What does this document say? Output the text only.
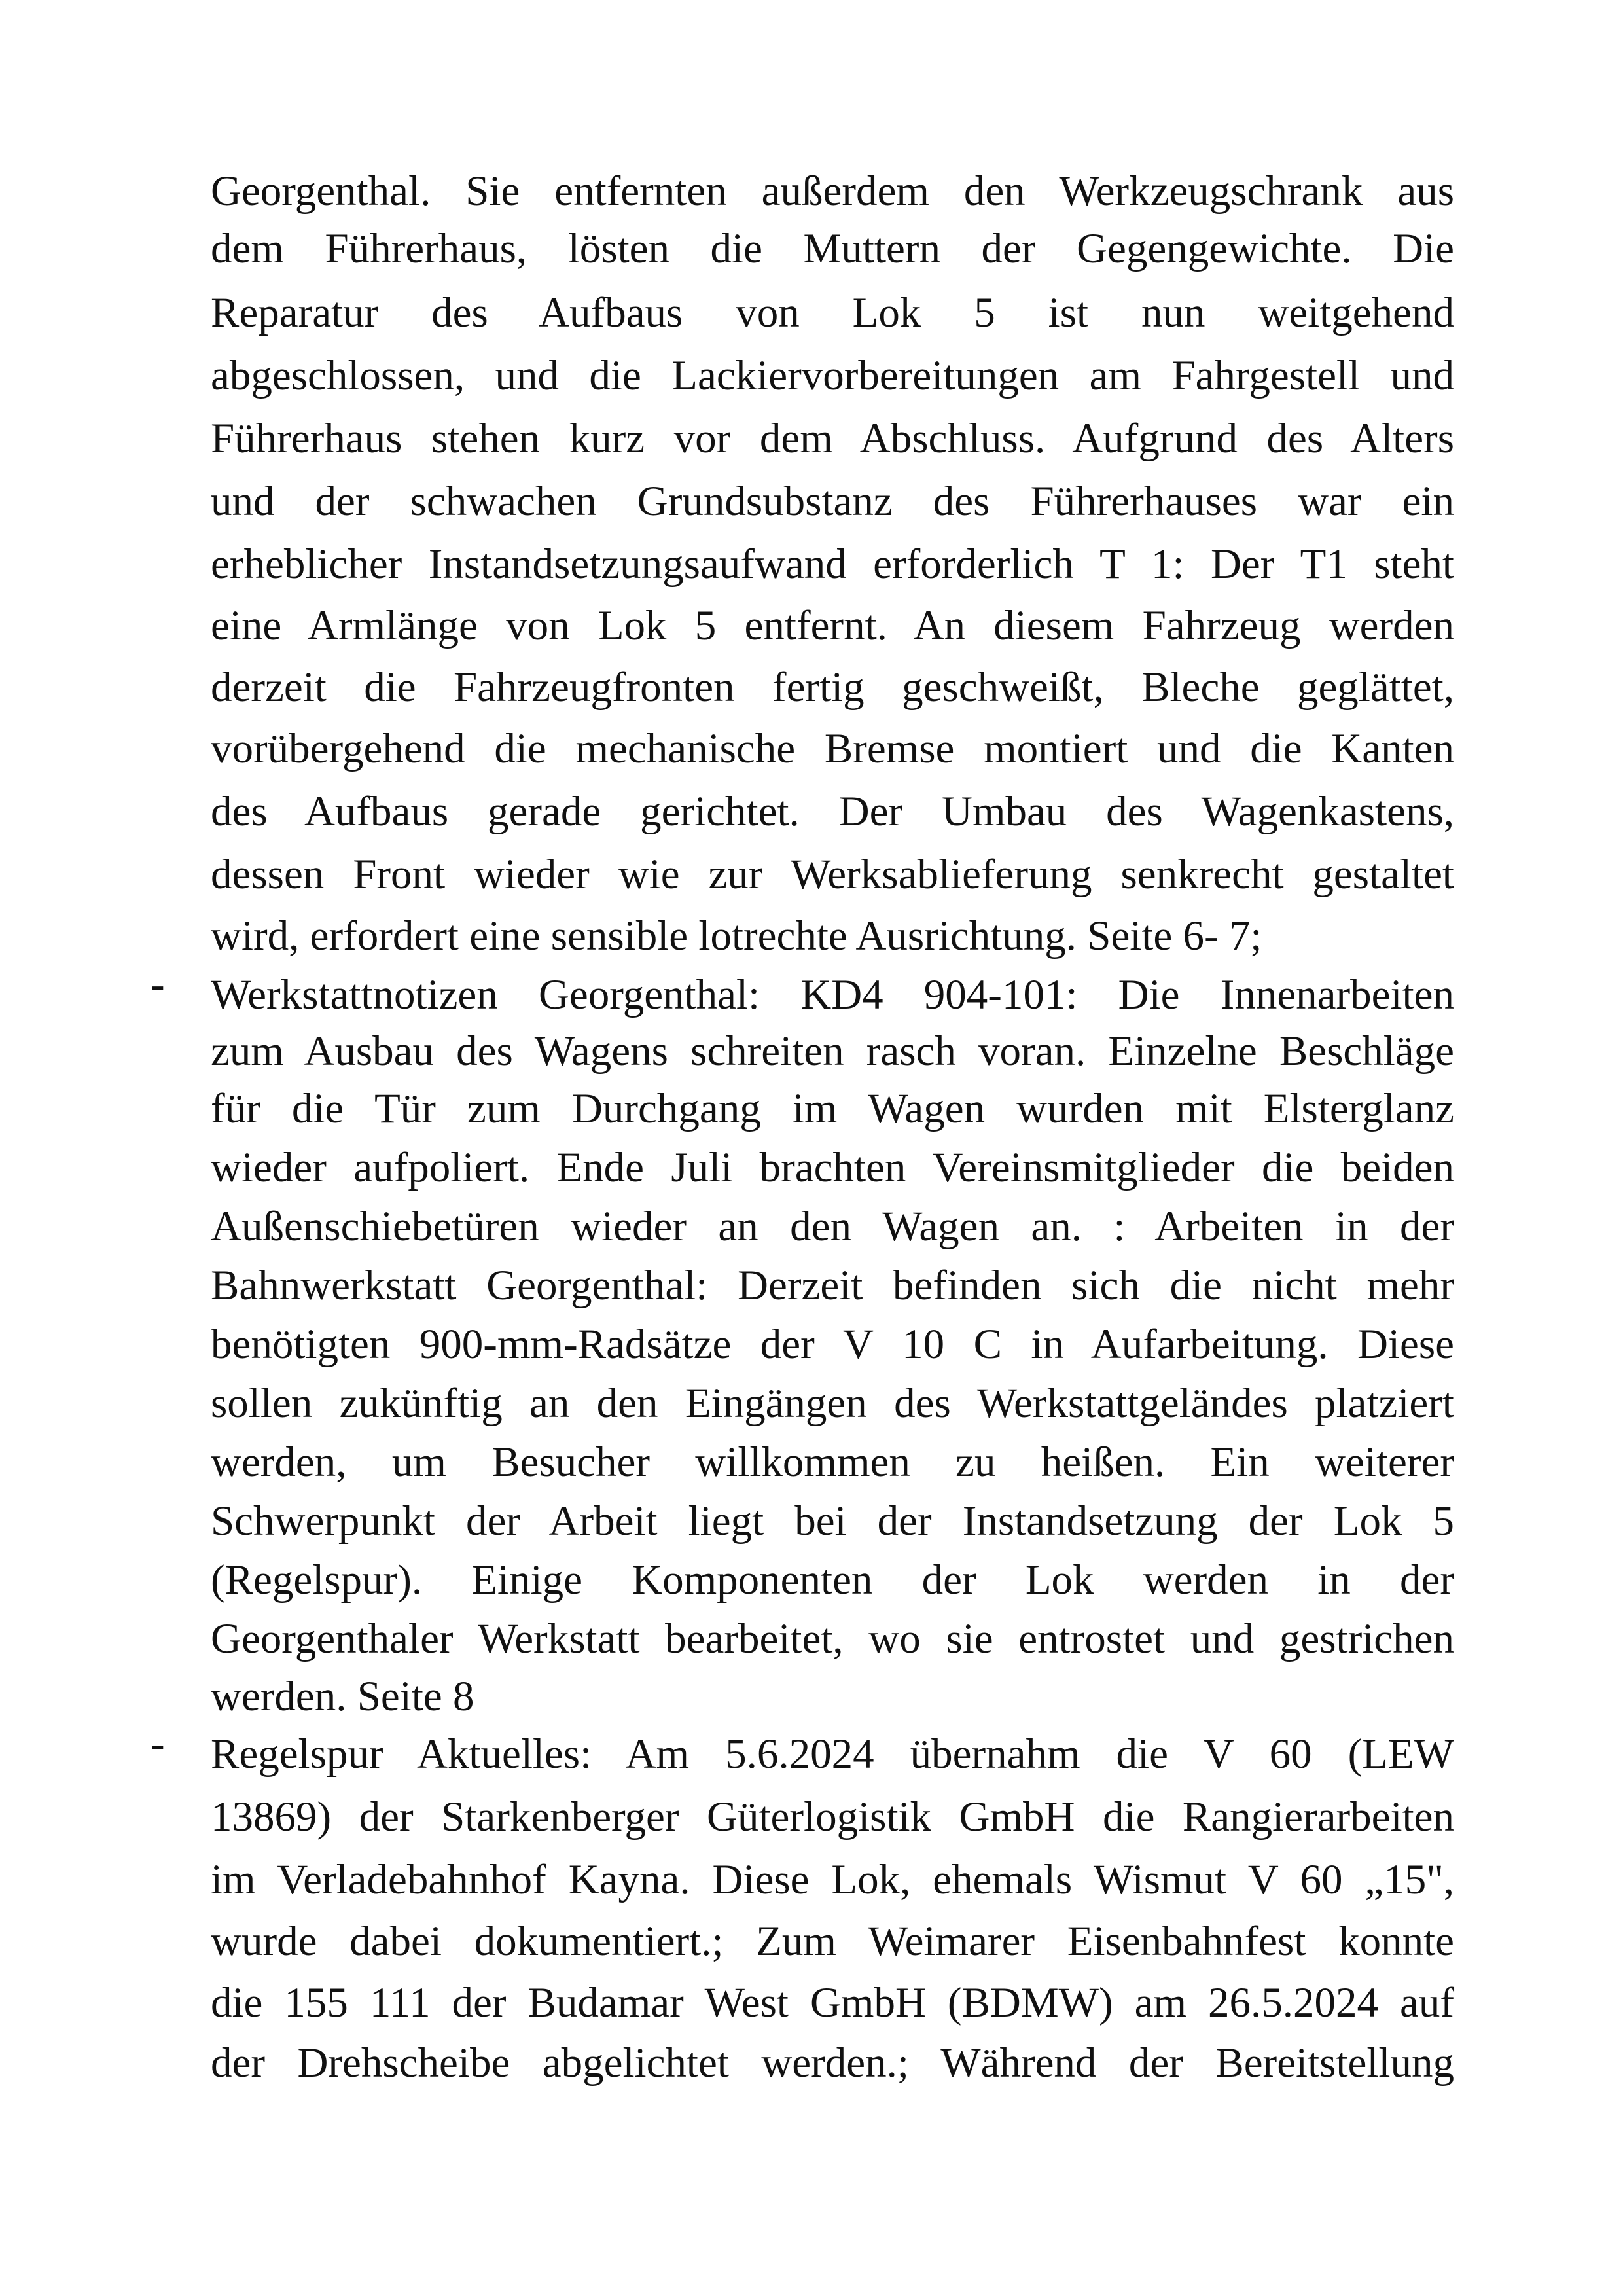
Georgenthal. Sie entfernten außerdem den Werkzeugschrank aus
dem Führerhaus, lösten die Muttern der Gegengewichte. Die
Reparatur des Aufbaus von Lok 5 ist nun weitgehend
abgeschlossen, und die Lackiervorbereitungen am Fahrgestell und
Führerhaus stehen kurz vor dem Abschluss. Aufgrund des Alters
und der schwachen Grundsubstanz des Führerhauses war ein
erheblicher Instandsetzungsaufwand erforderlich T 1: Der T1 steht
eine Armlänge von Lok 5 entfernt. An diesem Fahrzeug werden
derzeit die Fahrzeugfronten fertig geschweißt, Bleche geglättet,
vorübergehend die mechanische Bremse montiert und die Kanten
des Aufbaus gerade gerichtet. Der Umbau des Wagenkastens,
dessen Front wieder wie zur Werksablieferung senkrecht gestaltet
wird, erfordert eine sensible lotrechte Ausrichtung. Seite 6- 7;
- Werkstattnotizen Georgenthal: KD4 904-101: Die Innenarbeiten
zum Ausbau des Wagens schreiten rasch voran. Einzelne Beschläge
für die Tür zum Durchgang im Wagen wurden mit Elsterglanz
wieder aufpoliert. Ende Juli brachten Vereinsmitglieder die beiden
Außenschiebetüren wieder an den Wagen an. : Arbeiten in der
Bahnwerkstatt Georgenthal: Derzeit befinden sich die nicht mehr
benötigten 900-mm-Radsätze der V 10 C in Aufarbeitung. Diese
sollen zukünftig an den Eingängen des Werkstattgeländes platziert
werden, um Besucher willkommen zu heißen. Ein weiterer
Schwerpunkt der Arbeit liegt bei der Instandsetzung der Lok 5
(Regelspur). Einige Komponenten der Lok werden in der
Georgenthaler Werkstatt bearbeitet, wo sie entrostet und gestrichen
werden. Seite 8
- Regelspur Aktuelles: Am 5.6.2024 übernahm die V 60 (LEW
13869) der Starkenberger Güterlogistik GmbH die Rangierarbeiten
im Verladebahnhof Kayna. Diese Lok, ehemals Wismut V 60 „15",
wurde dabei dokumentiert.; Zum Weimarer Eisenbahnfest konnte
die 155 111 der Budamar West GmbH (BDMW) am 26.5.2024 auf
der Drehscheibe abgelichtet werden.; Während der Bereitstellung
